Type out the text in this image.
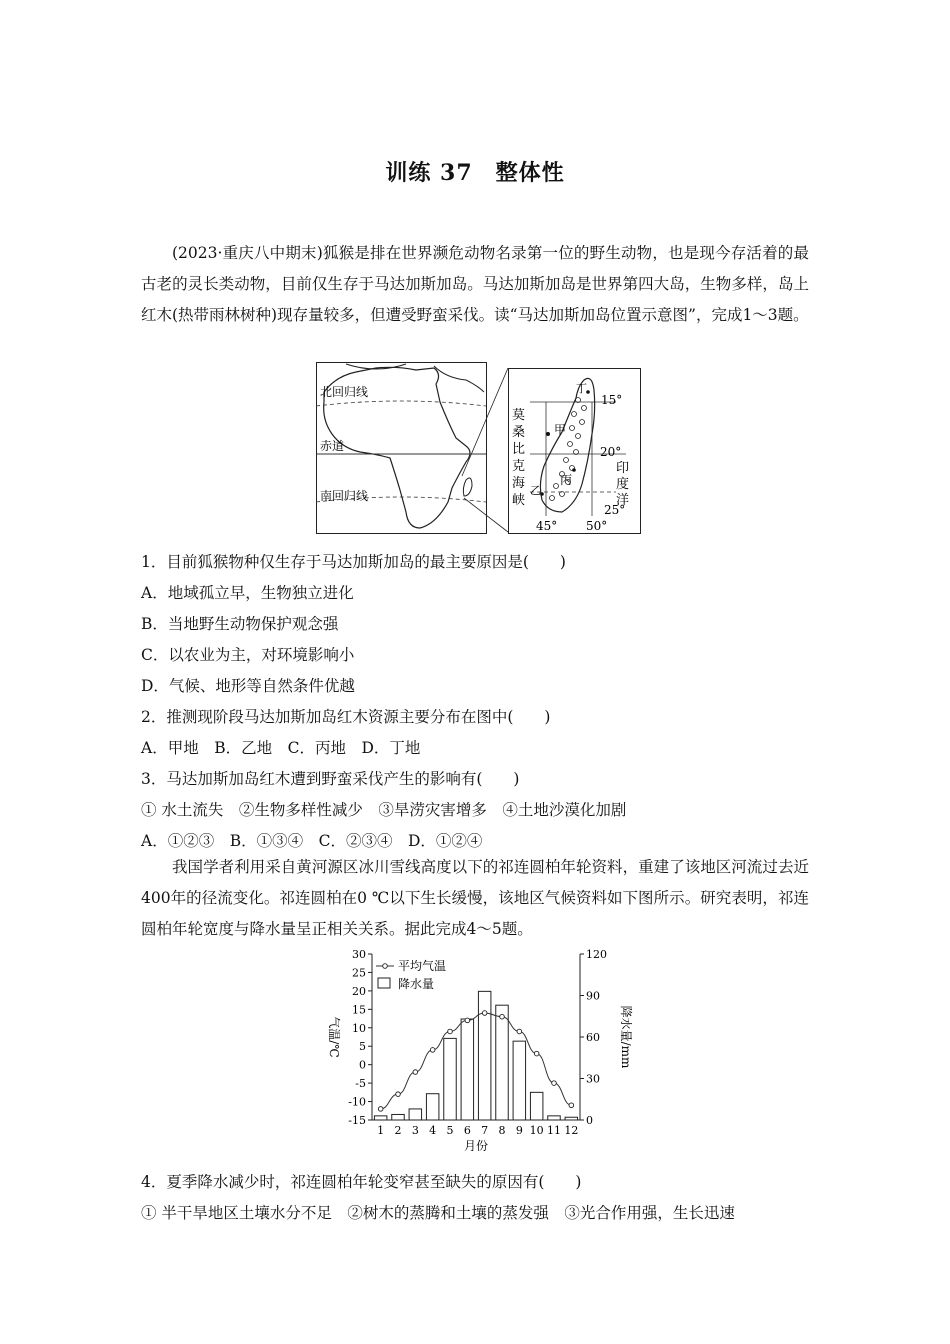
训练 37　整体性

(2023·重庆八中期末)狐猴是排在世界濒危动物名录第一位的野生动物，也是现今存活着的最古老的灵长类动物，目前仅生存于马达加斯加岛。马达加斯加岛是世界第四大岛，生物多样，岛上红木(热带雨林树种)现存量较多，但遭受野蛮采伐。读“马达加斯加岛位置示意图”，完成1～3题。

北回归线
赤道
南回归线
甲
丁
丙
乙
15°
20°
25°
45° 50°
莫
桑
比
克
海
峡
印
度
洋
1．目前狐猴物种仅生存于马达加斯加岛的最主要原因是(　　)
A．地域孤立早，生物独立进化
B．当地野生动物保护观念强
C．以农业为主，对环境影响小
D．气候、地形等自然条件优越
2．推测现阶段马达加斯加岛红木资源主要分布在图中(　　)
A．甲地　B．乙地　C．丙地　D．丁地
3．马达加斯加岛红木遭到野蛮采伐产生的影响有(　　)
① 水土流失　②生物多样性减少　③旱涝灾害增多　④土地沙漠化加剧
A．①②③　B．①③④　C．②③④　D．①②④

我国学者利用采自黄河源区冰川雪线高度以下的祁连圆柏年轮资料，重建了该地区河流过去近400年的径流变化。祁连圆柏在0 ℃以下生长缓慢，该地区气候资料如下图所示。研究表明，祁连圆柏年轮宽度与降水量呈正相关关系。据此完成4～5题。

30
25
20
15
10
5
0
-5
-10
-15
120
90
60
30
0
1 2 3 4 5 6 7 8 9 10 11 12
月份
气温/℃	降水量/mm
平均气温
降水量
4．夏季降水减少时，祁连圆柏年轮变窄甚至缺失的原因有(　　)
① 半干旱地区土壤水分不足　②树木的蒸腾和土壤的蒸发强　③光合作用强，生长迅速
